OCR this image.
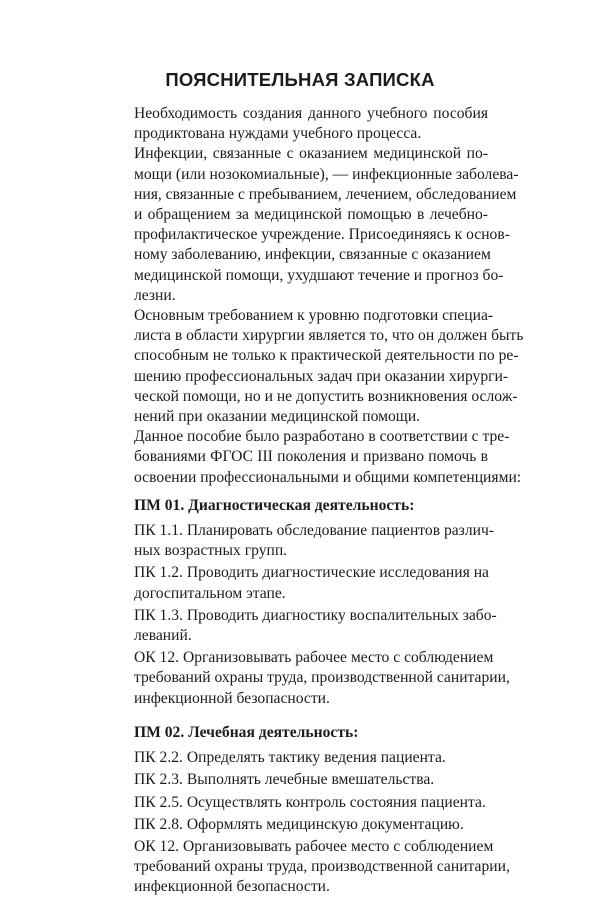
ПОЯСНИТЕЛЬНАЯ ЗАПИСКА

Необходимость создания данного учебного пособия
продиктована нуждами учебного процесса.

Инфекции, связанные с оказанием медицинской по-
мощи (или нозокомиальные), — инфекционные заболева-
ния, связанные с пребыванием, лечением, обследованием
и обращением за медицинской помощью в лечебно-
профилактическое учреждение. Присоединяясь к основ-
ному заболеванию, инфекции, связанные с оказанием
медицинской помощи, ухудшают течение и прогноз бо-
лезни.

Основным требованием к уровню подготовки специа-
листа в области хирургии является то, что он должен быть
способным не только к практической деятельности по ре-
шению профессиональных задач при оказании хирурги-
ческой помощи, но и не допустить возникновения ослож-
нений при оказании медицинской помощи.

Данное пособие было разработано в соответствии с тре-
бованиями ФГОС III поколения и призвано помочь в
освоении профессиональными и общими компетенциями:

ПМ 01. Диагностическая деятельность:

ПК 1.1. Планировать обследование пациентов различ-
ных возрастных групп.

ПК 1.2. Проводить диагностические исследования на
догоспитальном этапе.

ПК 1.3. Проводить диагностику воспалительных забо-
леваний.

ОК 12. Организовывать рабочее место с соблюдением
требований охраны труда, производственной санитарии,
инфекционной безопасности.

ПМ 02. Лечебная деятельность:

ПК 2.2. Определять тактику ведения пациента.

ПК 2.3. Выполнять лечебные вмешательства.

ПК 2.5. Осуществлять контроль состояния пациента.

ПК 2.8. Оформлять медицинскую документацию.

ОК 12. Организовывать рабочее место с соблюдением
требований охраны труда, производственной санитарии,
инфекционной безопасности.
